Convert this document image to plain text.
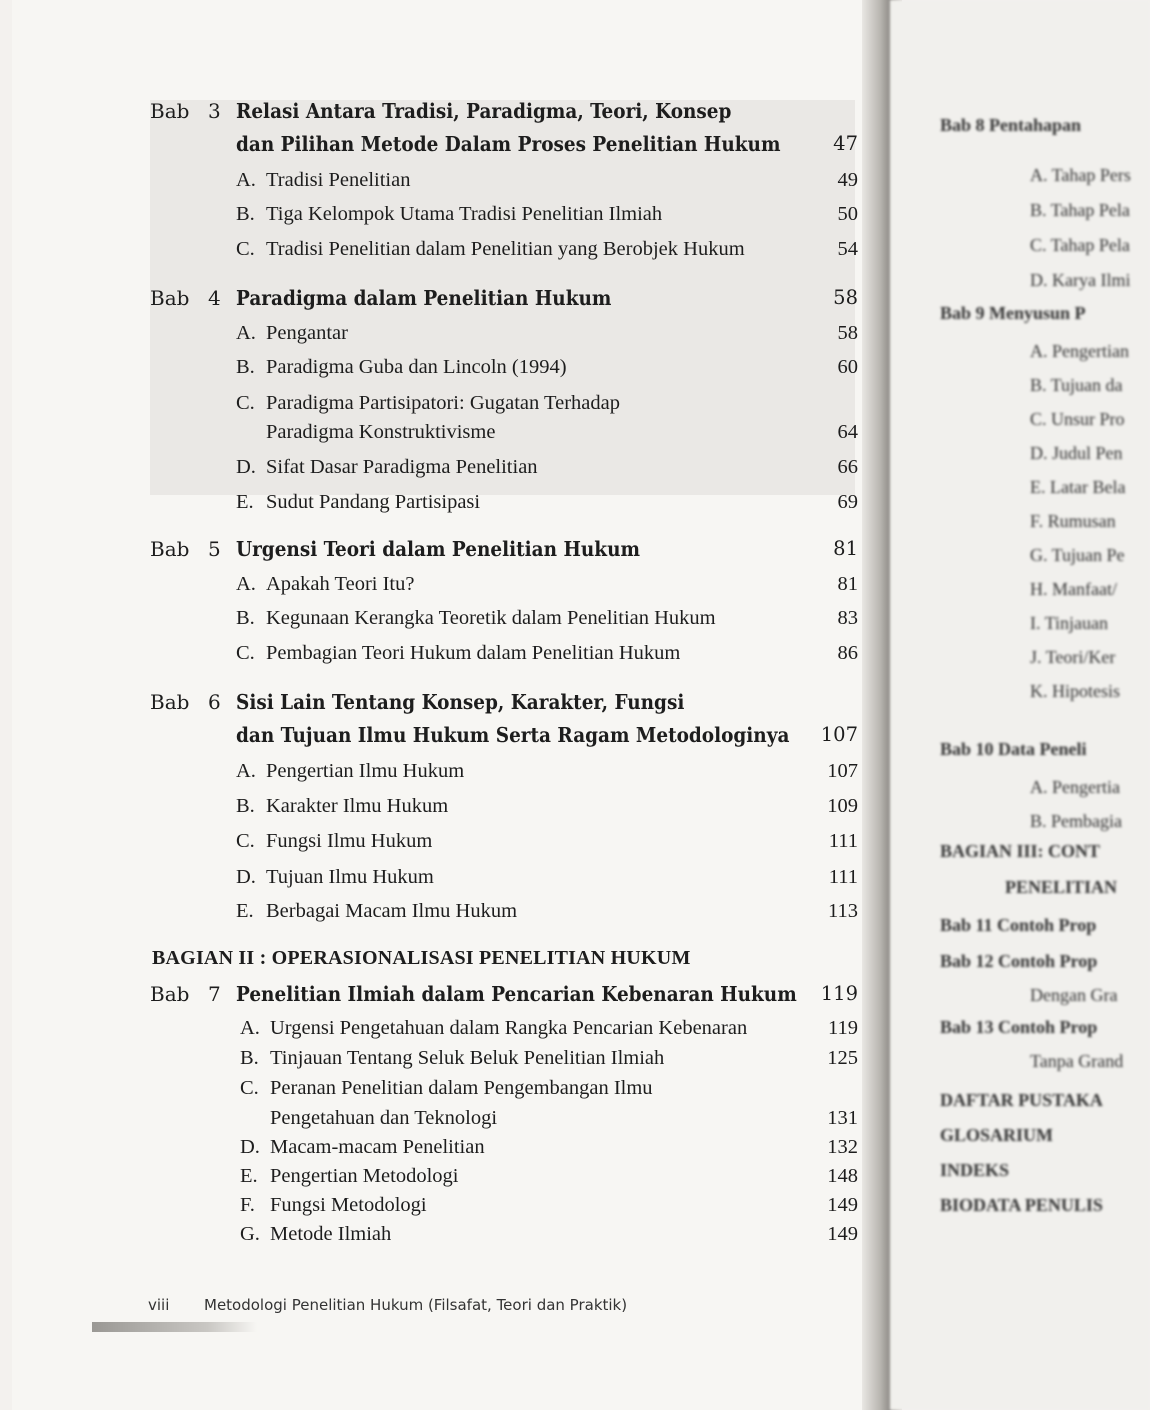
Bab 8 Pentahapan
A. Tahap Pers
B. Tahap Pela
C. Tahap Pela
D. Karya Ilmi
Bab 9 Menyusun P
A. Pengertian
B. Tujuan da
C. Unsur Pro
D. Judul Pen
E. Latar Bela
F. Rumusan
G. Tujuan Pe
H. Manfaat/
I. Tinjauan
J. Teori/Ker
K. Hipotesis
Bab 10 Data Peneli
A. Pengertia
B. Pembagia
BAGIAN III: CONT
PENELITIAN
Bab 11 Contoh Prop
Bab 12 Contoh Prop
Dengan Gra
Bab 13 Contoh Prop
Tanpa Grand
DAFTAR PUSTAKA
GLOSARIUM
INDEKS
BIODATA PENULIS
Bab 3 Relasi Antara Tradisi, Paradigma, Teori, Konsep
dan Pilihan Metode Dalam Proses Penelitian Hukum	47
A. Tradisi Penelitian	49
B. Tiga Kelompok Utama Tradisi Penelitian Ilmiah	50
C. Tradisi Penelitian dalam Penelitian yang Berobjek Hukum	54
Bab 4 Paradigma dalam Penelitian Hukum	58
A. Pengantar	58
B. Paradigma Guba dan Lincoln (1994)	60
C. Paradigma Partisipatori: Gugatan Terhadap
Paradigma Konstruktivisme	64
D. Sifat Dasar Paradigma Penelitian	66
E. Sudut Pandang Partisipasi	69
Bab 5 Urgensi Teori dalam Penelitian Hukum	81
A. Apakah Teori Itu?	81
B. Kegunaan Kerangka Teoretik dalam Penelitian Hukum	83
C. Pembagian Teori Hukum dalam Penelitian Hukum	86
Bab 6 Sisi Lain Tentang Konsep, Karakter, Fungsi
dan Tujuan Ilmu Hukum Serta Ragam Metodologinya	107
A. Pengertian Ilmu Hukum	107
B. Karakter Ilmu Hukum	109
C. Fungsi Ilmu Hukum	111
D. Tujuan Ilmu Hukum	111
E. Berbagai Macam Ilmu Hukum	113
BAGIAN II : OPERASIONALISASI PENELITIAN HUKUM
Bab 7 Penelitian Ilmiah dalam Pencarian Kebenaran Hukum	119
A. Urgensi Pengetahuan dalam Rangka Pencarian Kebenaran	119
B. Tinjauan Tentang Seluk Beluk Penelitian Ilmiah	125
C. Peranan Penelitian dalam Pengembangan Ilmu
Pengetahuan dan Teknologi	131
D. Macam-macam Penelitian	132
E. Pengertian Metodologi	148
F. Fungsi Metodologi	149
G. Metode Ilmiah	149
viii Metodologi Penelitian Hukum (Filsafat, Teori dan Praktik)
